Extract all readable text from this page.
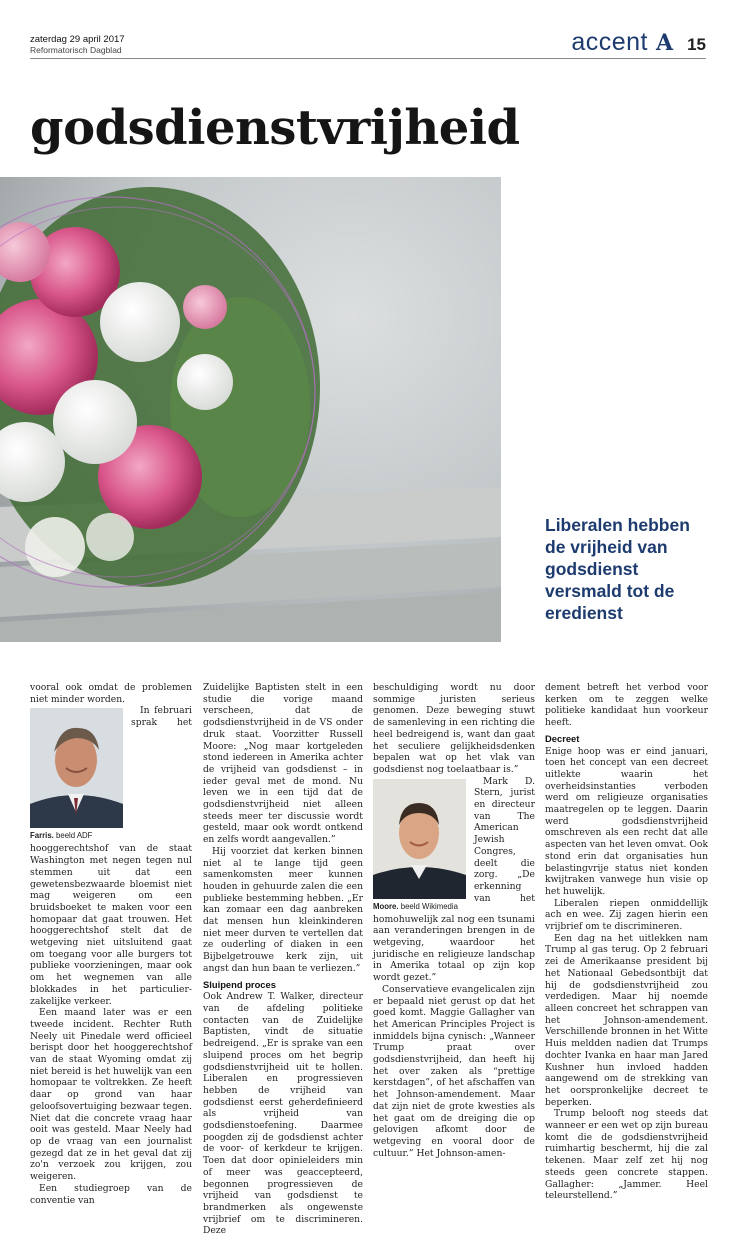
zaterdag 29 april 2017
Reformatorisch Dagblad	accent A 15
godsdienstvrijheid

Liberalen hebben de vrijheid van godsdienst versmald tot de eredienst

vooral ook omdat de problemen niet minder worden.

Farris. beeld ADF

In februari sprak het hooggerechtshof van de staat Washington met negen tegen nul stemmen uit dat een gewetensbezwaarde bloemist niet mag weigeren om een bruidsboeket te maken voor een homopaar dat gaat trouwen. Het hooggerechtshof stelt dat de wetgeving niet uitsluitend gaat om toegang voor alle burgers tot publieke voorzieningen, maar ook om het wegnemen van alle blokkades in het particulier-zakelijke verkeer.

Een maand later was er een tweede incident. Rechter Ruth Neely uit Pinedale werd officieel berispt door het hooggerechtshof van de staat Wyoming omdat zij niet bereid is het huwelijk van een homopaar te voltrekken. Ze heeft daar op grond van haar geloofsovertuiging bezwaar tegen. Niet dat die concrete vraag haar ooit was gesteld. Maar Neely had op de vraag van een journalist gezegd dat ze in het geval dat zij zo'n verzoek zou krijgen, zou weigeren.

Een studiegroep van de conventie van

Zuidelijke Baptisten stelt in een studie die vorige maand verscheen, dat de godsdienstvrijheid in de VS onder druk staat. Voorzitter Russell Moore: „Nog maar kortgeleden stond iedereen in Amerika achter de vrijheid van godsdienst – in ieder geval met de mond. Nu leven we in een tijd dat de godsdienstvrijheid niet alleen steeds meer ter discussie wordt gesteld, maar ook wordt ontkend en zelfs wordt aangevallen.”

Hij voorziet dat kerken binnen niet al te lange tijd geen samenkomsten meer kunnen houden in gehuurde zalen die een publieke bestemming hebben. „Er kan zomaar een dag aanbreken dat mensen hun kleinkinderen niet meer durven te vertellen dat ze ouderling of diaken in een Bijbelgetrouwe kerk zijn, uit angst dan hun baan te verliezen.”

Sluipend proces

Ook Andrew T. Walker, directeur van de afdeling politieke contacten van de Zuidelijke Baptisten, vindt de situatie bedreigend. „Er is sprake van een sluipend proces om het begrip godsdienstvrijheid uit te hollen. Liberalen en progressieven hebben de vrijheid van godsdienst eerst geherdefinieerd als vrijheid van godsdienstoefening. Daarmee poogden zij de godsdienst achter de voor- of kerkdeur te krijgen. Toen dat door opinieleiders min of meer was geaccepteerd, begonnen progressieven de vrijheid van godsdienst te brandmerken als ongewenste vrijbrief om te discrimineren. Deze

beschuldiging wordt nu door sommige juristen serieus genomen. Deze beweging stuwt de samenleving in een richting die heel bedreigend is, want dan gaat het seculiere gelijkheidsdenken bepalen wat op het vlak van godsdienst nog toelaatbaar is.”

Moore. beeld Wikimedia

Mark D. Stern, jurist en directeur van The American Jewish Congres, deelt die zorg. „De erkenning van het homohuwelijk zal nog een tsunami aan veranderingen brengen in de wetgeving, waardoor het juridische en religieuze landschap in Amerika totaal op zijn kop wordt gezet.”

Conservatieve evangelicalen zijn er bepaald niet gerust op dat het goed komt. Maggie Gallagher van het American Principles Project is inmiddels bijna cynisch: „Wanneer Trump praat over godsdienstvrijheid, dan heeft hij het over zaken als “prettige kerstdagen”, of het afschaffen van het Johnson-amendement. Maar dat zijn niet de grote kwesties als het gaat om de dreiging die op gelovigen afkomt door de wetgeving en vooral door de cultuur.” Het Johnson-amen-

dement betreft het verbod voor kerken om te zeggen welke politieke kandidaat hun voorkeur heeft.

Decreet

Enige hoop was er eind januari, toen het concept van een decreet uitlekte waarin het overheidsinstanties verboden werd om religieuze organisaties maatregelen op te leggen. Daarin werd godsdienstvrijheid omschreven als een recht dat alle aspecten van het leven omvat. Ook stond erin dat organisaties hun belastingvrije status niet konden kwijtraken vanwege hun visie op het huwelijk.

Liberalen riepen onmiddellijk ach en wee. Zij zagen hierin een vrijbrief om te discrimineren.

Een dag na het uitlekken nam Trump al gas terug. Op 2 februari zei de Amerikaanse president bij het Nationaal Gebedsontbijt dat hij de godsdienstvrijheid zou verdedigen. Maar hij noemde alleen concreet het schrappen van het Johnson-amendement. Verschillende bronnen in het Witte Huis meldden nadien dat Trumps dochter Ivanka en haar man Jared Kushner hun invloed hadden aangewend om de strekking van het oorspronkelijke decreet te beperken.

Trump belooft nog steeds dat wanneer er een wet op zijn bureau komt die de godsdienstvrijheid ruimhartig beschermt, hij die zal tekenen. Maar zelf zet hij nog steeds geen concrete stappen. Gallagher: „Jammer. Heel teleurstellend.”
